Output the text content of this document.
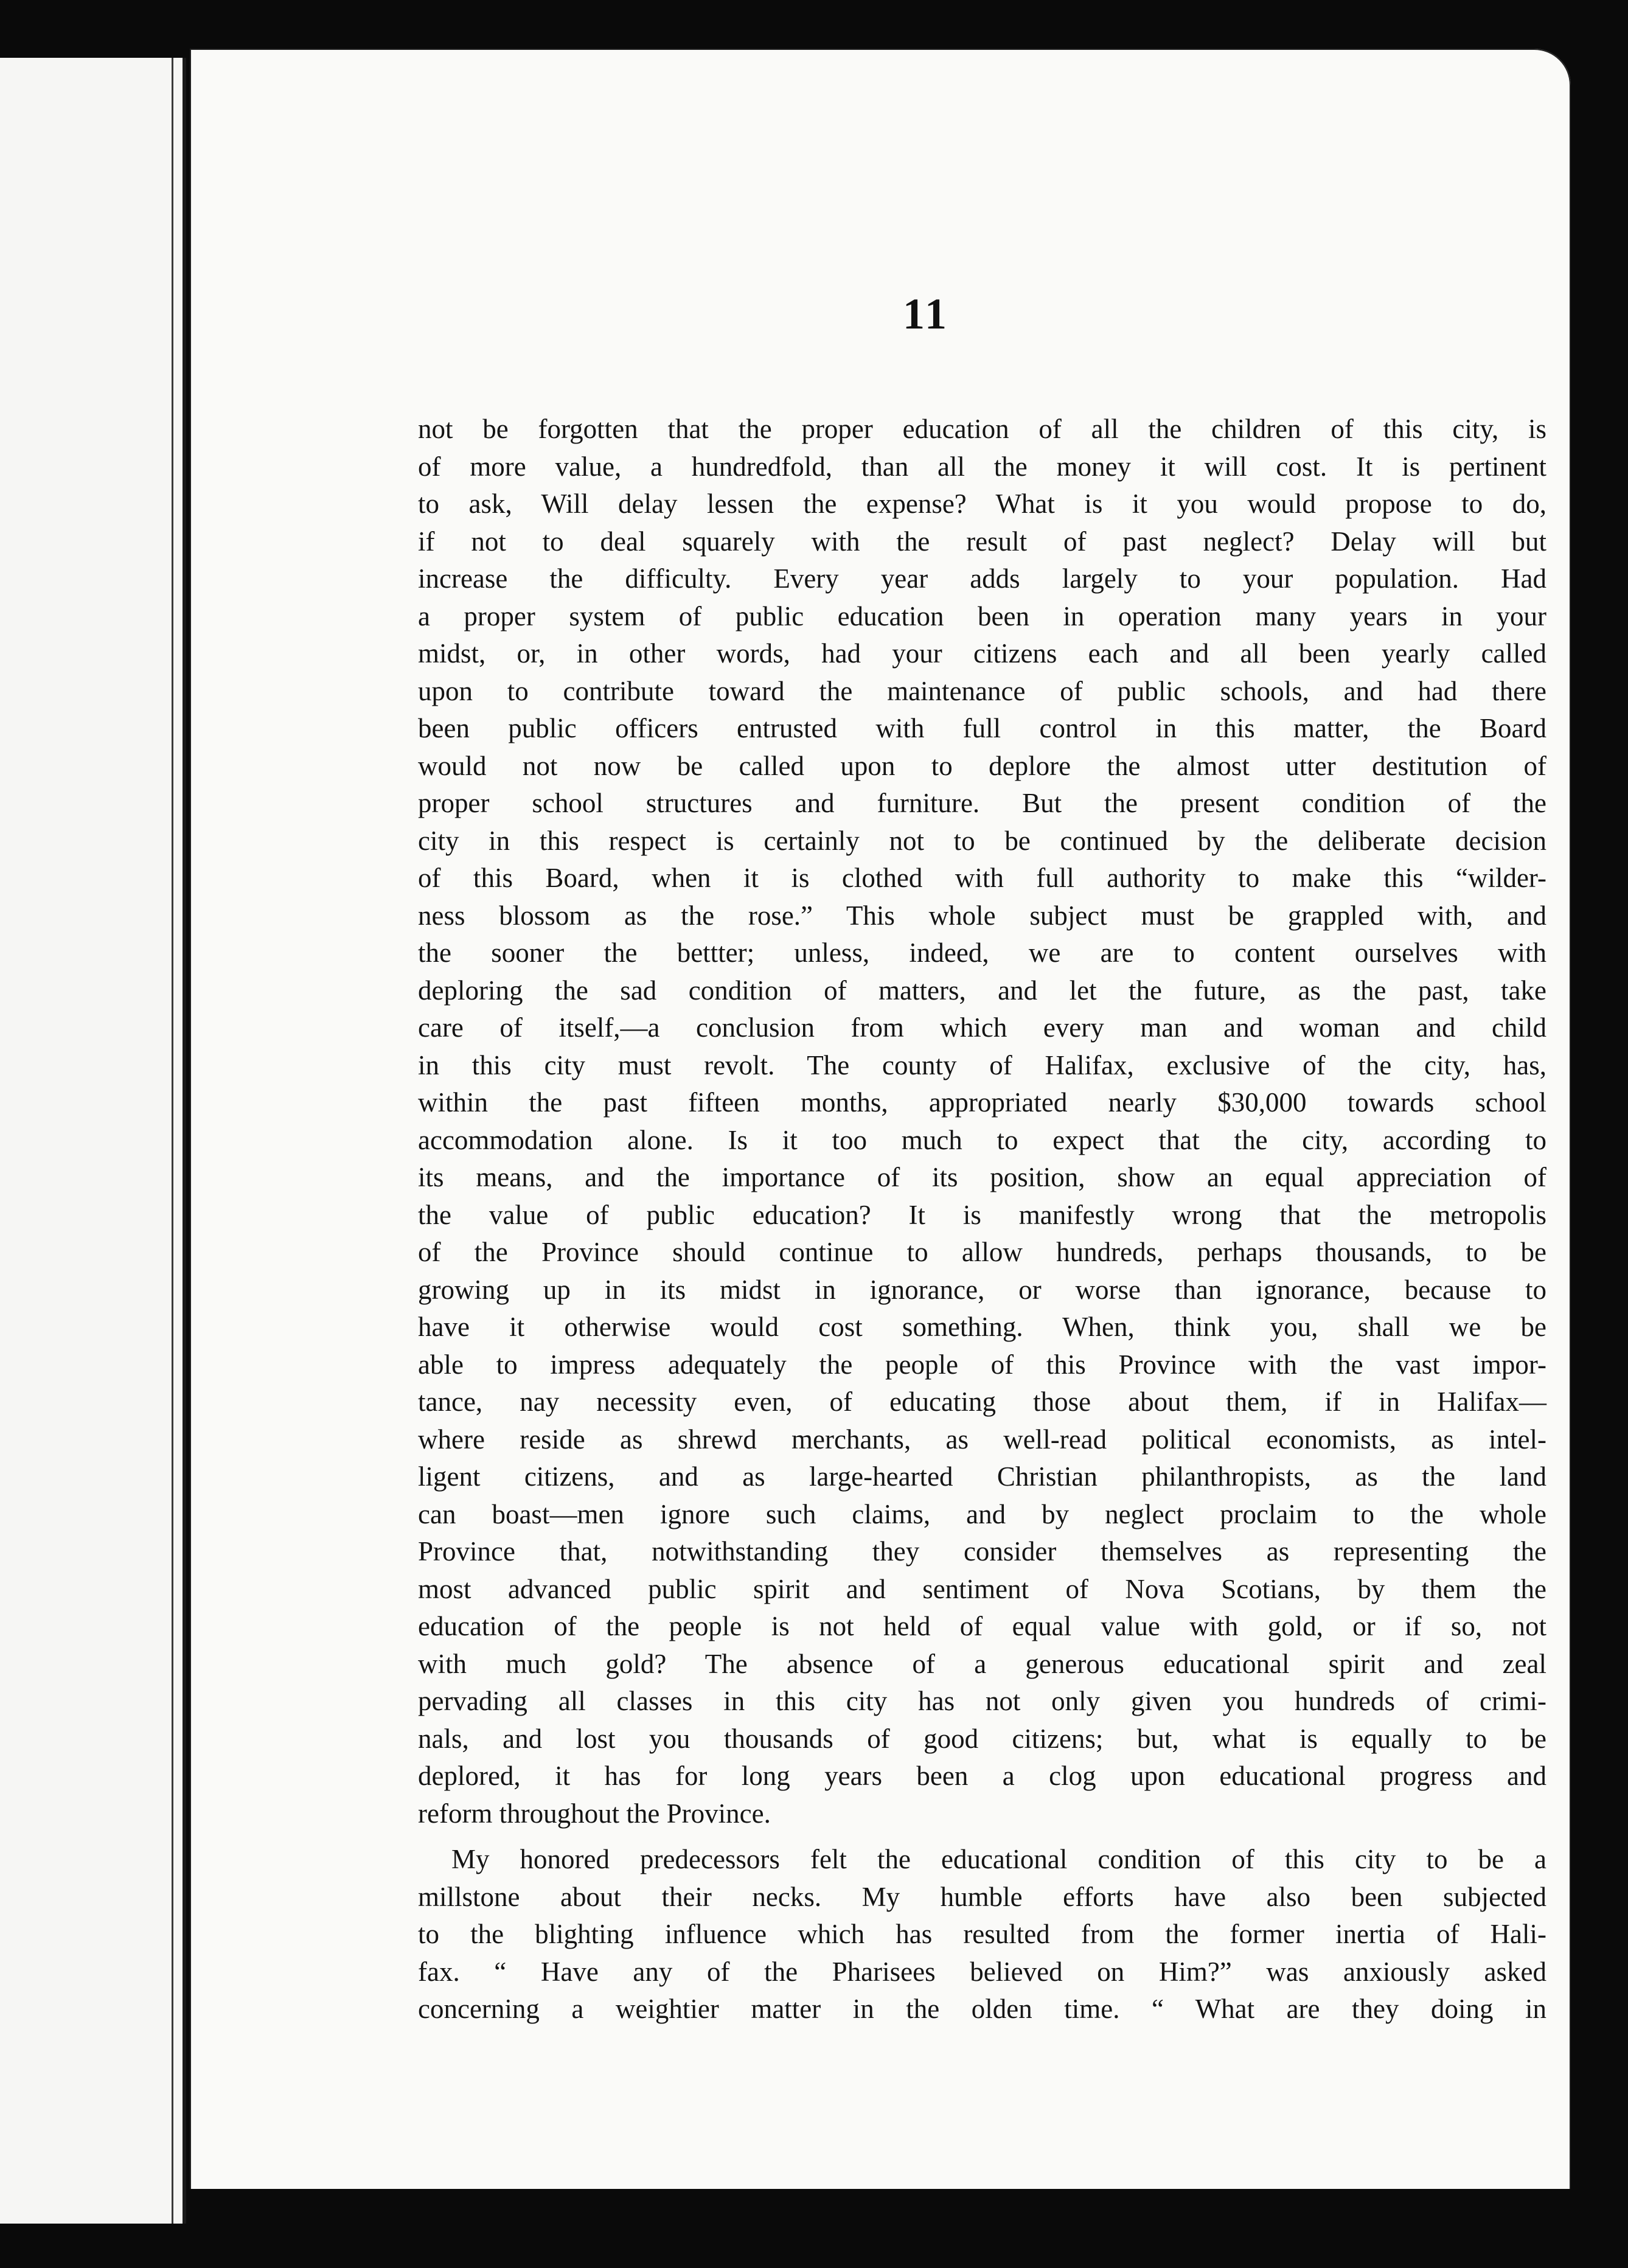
11
not be forgotten that the proper education of all the children of this city, is
of more value, a hundredfold, than all the money it will cost. It is pertinent
to ask, Will delay lessen the expense? What is it you would propose to do,
if not to deal squarely with the result of past neglect? Delay will but
increase the difficulty. Every year adds largely to your population. Had
a proper system of public education been in operation many years in your
midst, or, in other words, had your citizens each and all been yearly called
upon to contribute toward the maintenance of public schools, and had there
been public officers entrusted with full control in this matter, the Board
would not now be called upon to deplore the almost utter destitution of
proper school structures and furniture. But the present condition of the
city in this respect is certainly not to be continued by the deliberate decision
of this Board, when it is clothed with full authority to make this “wilder-
ness blossom as the rose.” This whole subject must be grappled with, and
the sooner the bettter; unless, indeed, we are to content ourselves with
deploring the sad condition of matters, and let the future, as the past, take
care of itself,—a conclusion from which every man and woman and child
in this city must revolt. The county of Halifax, exclusive of the city, has,
within the past fifteen months, appropriated nearly $30,000 towards school
accommodation alone. Is it too much to expect that the city, according to
its means, and the importance of its position, show an equal appreciation of
the value of public education? It is manifestly wrong that the metropolis
of the Province should continue to allow hundreds, perhaps thousands, to be
growing up in its midst in ignorance, or worse than ignorance, because to
have it otherwise would cost something. When, think you, shall we be
able to impress adequately the people of this Province with the vast impor-
tance, nay necessity even, of educating those about them, if in Halifax—
where reside as shrewd merchants, as well-read political economists, as intel-
ligent citizens, and as large-hearted Christian philanthropists, as the land
can boast—men ignore such claims, and by neglect proclaim to the whole
Province that, notwithstanding they consider themselves as representing the
most advanced public spirit and sentiment of Nova Scotians, by them the
education of the people is not held of equal value with gold, or if so, not
with much gold? The absence of a generous educational spirit and zeal
pervading all classes in this city has not only given you hundreds of crimi-
nals, and lost you thousands of good citizens; but, what is equally to be
deplored, it has for long years been a clog upon educational progress and
reform throughout the Province.
My honored predecessors felt the educational condition of this city to be a
millstone about their necks. My humble efforts have also been subjected
to the blighting influence which has resulted from the former inertia of Hali-
fax. “ Have any of the Pharisees believed on Him?” was anxiously asked
concerning a weightier matter in the olden time. “ What are they doing in
